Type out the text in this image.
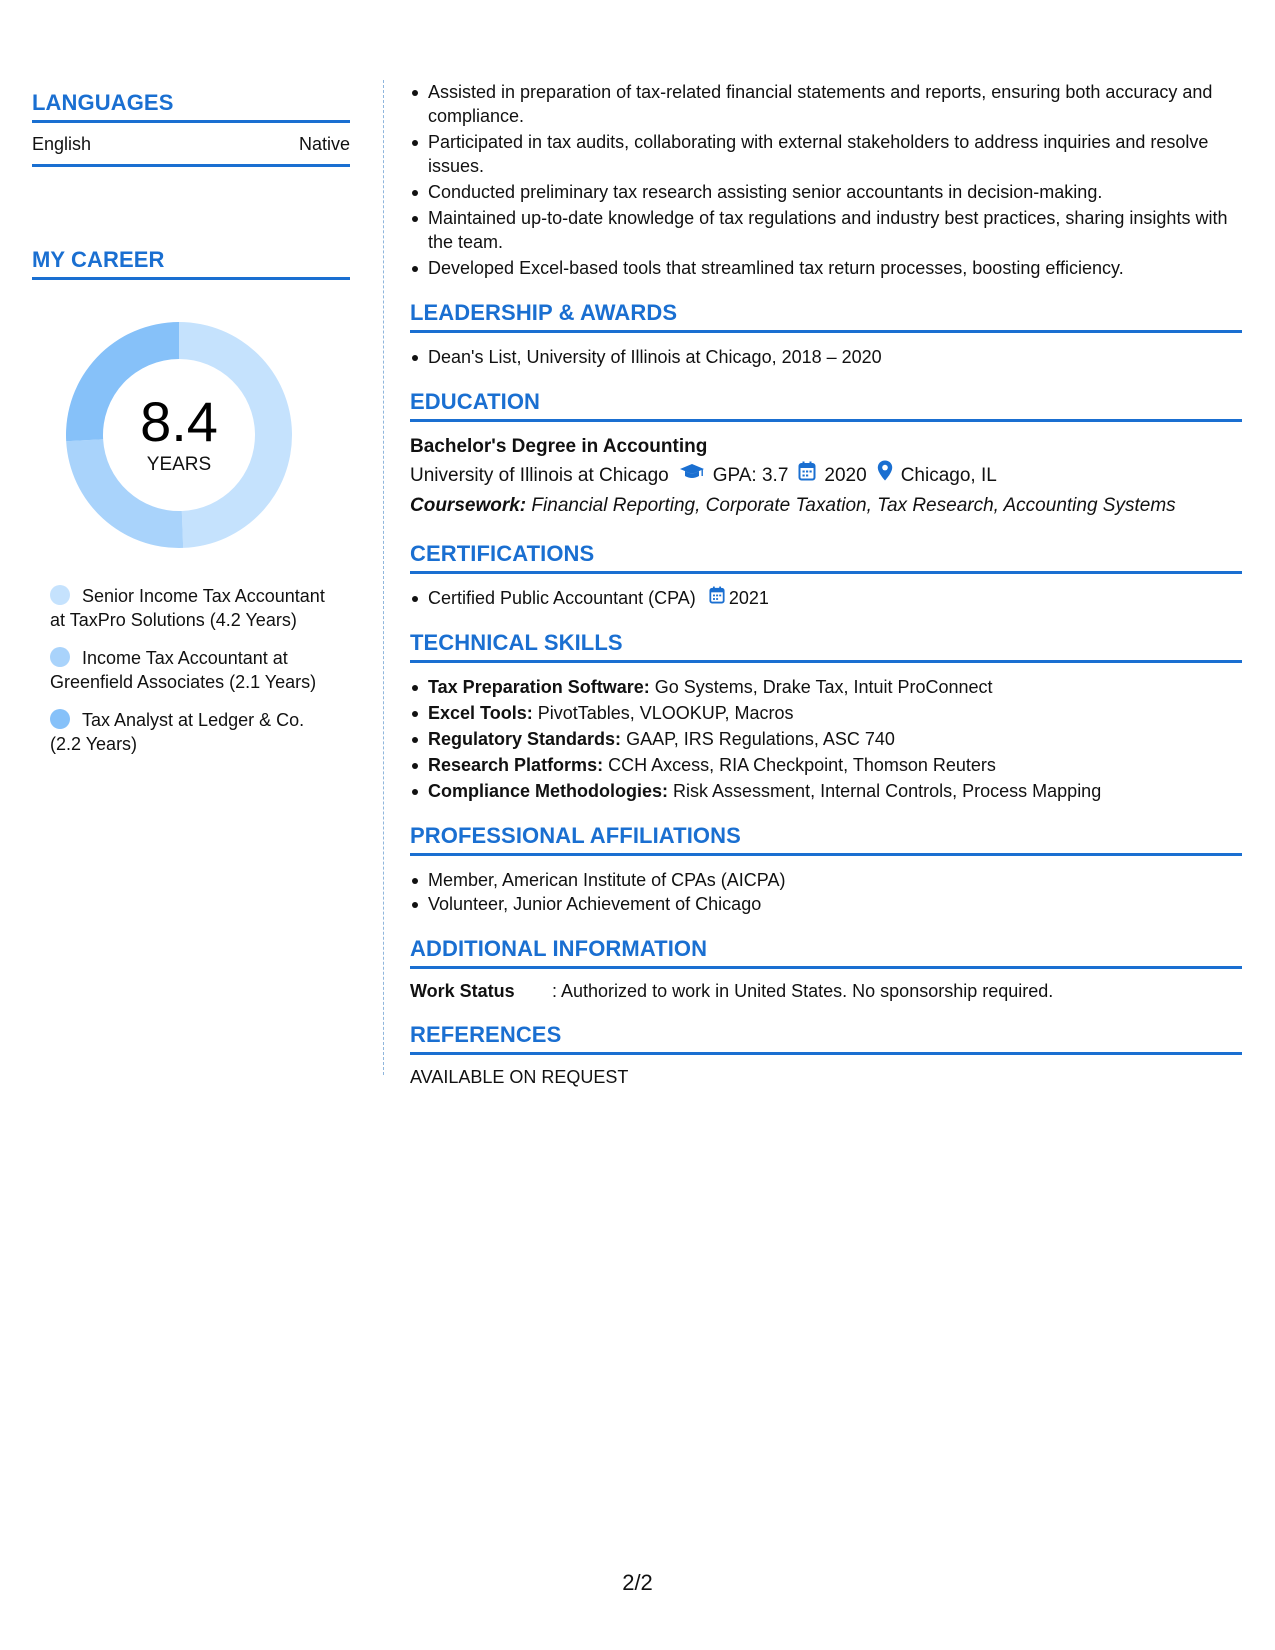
LANGUAGES
English	Native
MY CAREER
8.4
YEARS
Senior Income Tax Accountant at TaxPro Solutions (4.2 Years)
Income Tax Accountant at Greenfield Associates (2.1 Years)
Tax Analyst at Ledger & Co. (2.2 Years)
Assisted in preparation of tax-related financial statements and reports, ensuring both accuracy and compliance.
Participated in tax audits, collaborating with external stakeholders to address inquiries and resolve issues.
Conducted preliminary tax research assisting senior accountants in decision-making.
Maintained up-to-date knowledge of tax regulations and industry best practices, sharing insights with the team.
Developed Excel-based tools that streamlined tax return processes, boosting efficiency.
LEADERSHIP & AWARDS
Dean's List, University of Illinois at Chicago, 2018 – 2020
EDUCATION
Bachelor's Degree in Accounting
University of Illinois at Chicago GPA: 3.7 2020 Chicago, IL
Coursework: Financial Reporting, Corporate Taxation, Tax Research, Accounting Systems
CERTIFICATIONS
Certified Public Accountant (CPA) 2021
TECHNICAL SKILLS
Tax Preparation Software: Go Systems, Drake Tax, Intuit ProConnect
Excel Tools: PivotTables, VLOOKUP, Macros
Regulatory Standards: GAAP, IRS Regulations, ASC 740
Research Platforms: CCH Axcess, RIA Checkpoint, Thomson Reuters
Compliance Methodologies: Risk Assessment, Internal Controls, Process Mapping
PROFESSIONAL AFFILIATIONS
Member, American Institute of CPAs (AICPA)
Volunteer, Junior Achievement of Chicago
ADDITIONAL INFORMATION
Work Status	: Authorized to work in United States. No sponsorship required.
REFERENCES
AVAILABLE ON REQUEST
2/2
